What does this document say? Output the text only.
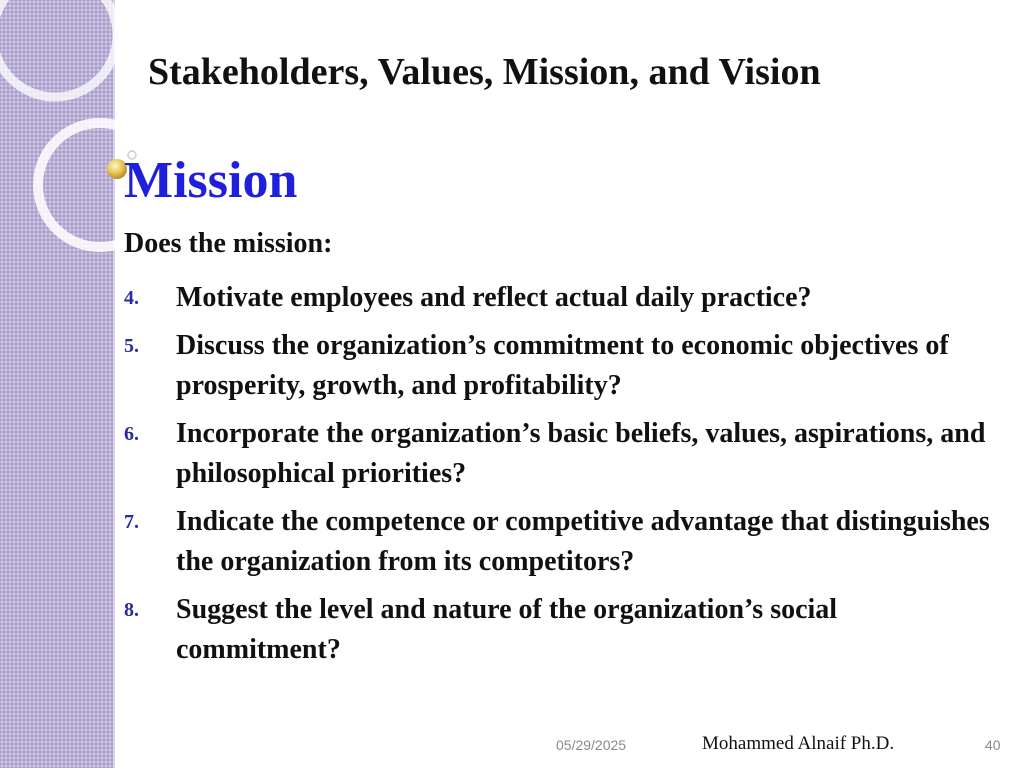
Stakeholders, Values, Mission, and Vision
Mission
Does the mission:
4.	Motivate employees and reflect actual daily practice?
5.	Discuss the organization’s commitment to economic objectives of prosperity, growth, and profitability?
6.	Incorporate the organization’s basic beliefs, values, aspirations, and philosophical priorities?
7.	Indicate the competence or competitive advantage that distinguishes the organization from its competitors?
8.	Suggest the level and nature of the organization’s social commitment?
05/29/2025	Mohammed Alnaif Ph.D.	40
